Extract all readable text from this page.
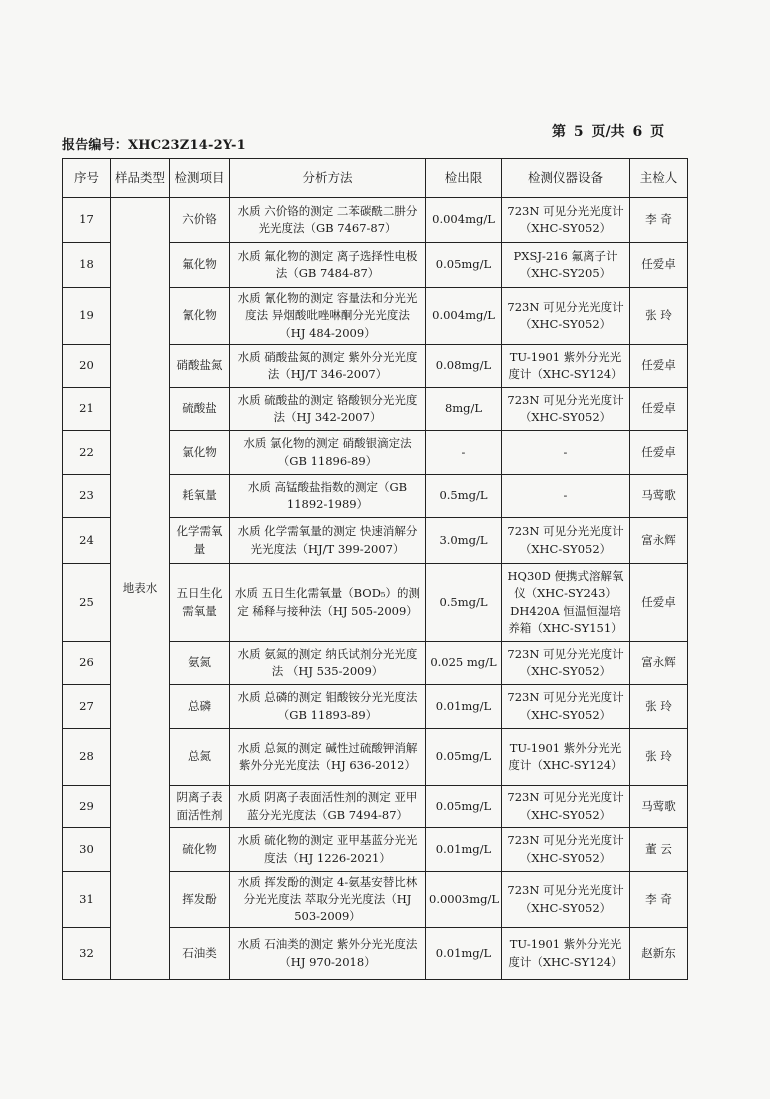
报告编号：XHC23Z14-2Y-1
第 5 页/共 6 页
序号	样品类型	检测项目	分析方法	检出限	检测仪器设备	主检人
17	地表水	六价铬	水质 六价铬的测定 二苯碳酰二肼分光光度法（GB 7467-87）	0.004mg/L	723N 可见分光光度计（XHC-SY052）	李 奇
18		氟化物	水质 氟化物的测定 离子选择性电极法（GB 7484-87）	0.05mg/L	PXSJ-216 氟离子计（XHC-SY205）	任爱卓
19		氰化物	水质 氰化物的测定 容量法和分光光度法 异烟酸吡唑啉酮分光光度法（HJ 484-2009）	0.004mg/L	723N 可见分光光度计（XHC-SY052）	张 玲
20		硝酸盐氮	水质 硝酸盐氮的测定 紫外分光光度法（HJ/T 346-2007）	0.08mg/L	TU-1901 紫外分光光度计（XHC-SY124）	任爱卓
21		硫酸盐	水质 硫酸盐的测定 铬酸钡分光光度法（HJ 342-2007）	8mg/L	723N 可见分光光度计（XHC-SY052）	任爱卓
22		氯化物	水质 氯化物的测定 硝酸银滴定法（GB 11896-89）	-	-	任爱卓
23		耗氧量	水质 高锰酸盐指数的测定（GB 11892-1989）	0.5mg/L	-	马莺歌
24		化学需氧量	水质 化学需氧量的测定 快速消解分光光度法（HJ/T 399-2007）	3.0mg/L	723N 可见分光光度计（XHC-SY052）	富永辉
25		五日生化需氧量	水质 五日生化需氧量（BOD₅）的测定 稀释与接种法（HJ 505-2009）	0.5mg/L	HQ30D 便携式溶解氧仪（XHC-SY243）DH420A 恒温恒湿培养箱（XHC-SY151）	任爱卓
26		氨氮	水质 氨氮的测定 纳氏试剂分光光度法 （HJ 535-2009）	0.025 mg/L	723N 可见分光光度计（XHC-SY052）	富永辉
27		总磷	水质 总磷的测定 钼酸铵分光光度法（GB 11893-89）	0.01mg/L	723N 可见分光光度计（XHC-SY052）	张 玲
28		总氮	水质 总氮的测定 碱性过硫酸钾消解紫外分光光度法（HJ 636-2012）	0.05mg/L	TU-1901 紫外分光光度计（XHC-SY124）	张 玲
29		阴离子表面活性剂	水质 阴离子表面活性剂的测定 亚甲蓝分光光度法（GB 7494-87）	0.05mg/L	723N 可见分光光度计（XHC-SY052）	马莺歌
30		硫化物	水质 硫化物的测定 亚甲基蓝分光光度法（HJ 1226-2021）	0.01mg/L	723N 可见分光光度计（XHC-SY052）	董 云
31		挥发酚	水质 挥发酚的测定 4-氨基安替比林分光光度法 萃取分光光度法（HJ 503-2009）	0.0003mg/L	723N 可见分光光度计（XHC-SY052）	李 奇
32		石油类	水质 石油类的测定 紫外分光光度法（HJ 970-2018）	0.01mg/L	TU-1901 紫外分光光度计（XHC-SY124）	赵新东
